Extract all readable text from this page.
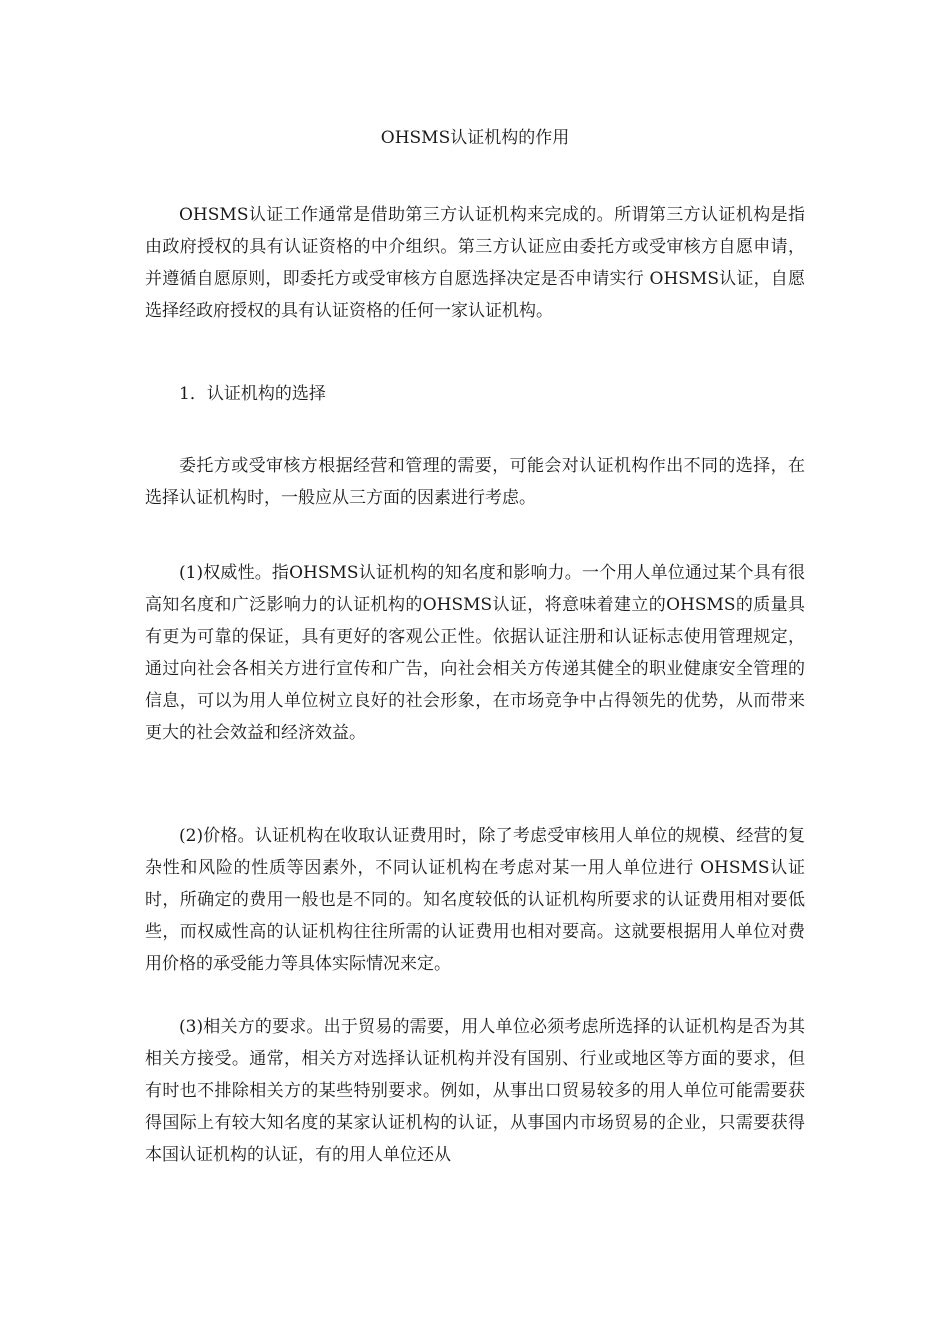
OHSMS认证机构的作用

OHSMS认证工作通常是借助第三方认证机构来完成的。所谓第三方认证机构是指由政府授权的具有认证资格的中介组织。第三方认证应由委托方或受审核方自愿申请，并遵循自愿原则，即委托方或受审核方自愿选择决定是否申请实行 OHSMS认证，自愿选择经政府授权的具有认证资格的任何一家认证机构。

1．认证机构的选择

委托方或受审核方根据经营和管理的需要，可能会对认证机构作出不同的选择，在选择认证机构时，一般应从三方面的因素进行考虑。

(1)权威性。指OHSMS认证机构的知名度和影响力。一个用人单位通过某个具有很高知名度和广泛影响力的认证机构的OHSMS认证，将意味着建立的OHSMS的质量具有更为可靠的保证，具有更好的客观公正性。依据认证注册和认证标志使用管理规定，通过向社会各相关方进行宣传和广告，向社会相关方传递其健全的职业健康安全管理的信息，可以为用人单位树立良好的社会形象，在市场竞争中占得领先的优势，从而带来更大的社会效益和经济效益。

(2)价格。认证机构在收取认证费用时，除了考虑受审核用人单位的规模、经营的复杂性和风险的性质等因素外，不同认证机构在考虑对某一用人单位进行 OHSMS认证时，所确定的费用一般也是不同的。知名度较低的认证机构所要求的认证费用相对要低些，而权威性高的认证机构往往所需的认证费用也相对要高。这就要根据用人单位对费用价格的承受能力等具体实际情况来定。

(3)相关方的要求。出于贸易的需要，用人单位必须考虑所选择的认证机构是否为其相关方接受。通常，相关方对选择认证机构并没有国别、行业或地区等方面的要求，但有时也不排除相关方的某些特别要求。例如，从事出口贸易较多的用人单位可能需要获得国际上有较大知名度的某家认证机构的认证，从事国内市场贸易的企业，只需要获得本国认证机构的认证，有的用人单位还从
